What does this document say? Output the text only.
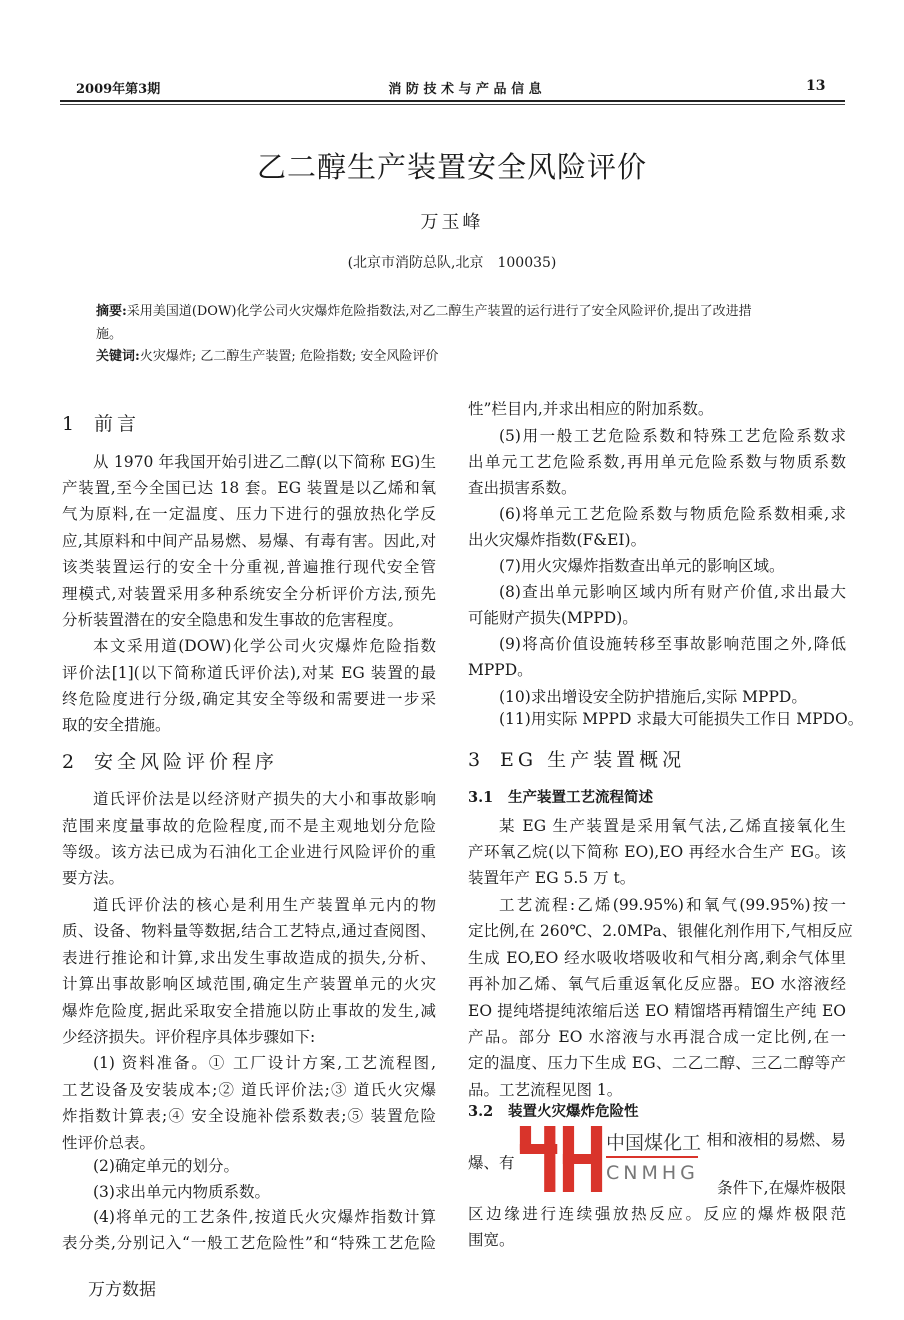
2009年第3期	消 防 技 术 与 产 品 信 息	13
乙二醇生产装置安全风险评价
万玉峰
(北京市消防总队,北京　100035)
摘要:采用美国道(DOW)化学公司火灾爆炸危险指数法,对乙二醇生产装置的运行进行了安全风险评价,提出了改进措
施。
关键词:火灾爆炸; 乙二醇生产装置; 危险指数; 安全风险评价
1 前言
从 1970 年我国开始引进乙二醇(以下简称 EG)生
产装置,至今全国已达 18 套。EG 装置是以乙烯和氧
气为原料,在一定温度、压力下进行的强放热化学反
应,其原料和中间产品易燃、易爆、有毒有害。因此,对
该类装置运行的安全十分重视,普遍推行现代安全管
理模式,对装置采用多种系统安全分析评价方法,预先
分析装置潜在的安全隐患和发生事故的危害程度。
本文采用道(DOW)化学公司火灾爆炸危险指数
评价法[1](以下简称道氏评价法),对某 EG 装置的最
终危险度进行分级,确定其安全等级和需要进一步采
取的安全措施。
2 安全风险评价程序
道氏评价法是以经济财产损失的大小和事故影响
范围来度量事故的危险程度,而不是主观地划分危险
等级。该方法已成为石油化工企业进行风险评价的重
要方法。
道氏评价法的核心是利用生产装置单元内的物
质、设备、物料量等数据,结合工艺特点,通过查阅图、
表进行推论和计算,求出发生事故造成的损失,分析、
计算出事故影响区域范围,确定生产装置单元的火灾
爆炸危险度,据此采取安全措施以防止事故的发生,减
少经济损失。评价程序具体步骤如下:
(1) 资料准备。① 工厂设计方案,工艺流程图,
工艺设备及安装成本;② 道氏评价法;③ 道氏火灾爆
炸指数计算表;④ 安全设施补偿系数表;⑤ 装置危险
性评价总表。
(2)确定单元的划分。
(3)求出单元内物质系数。
(4)将单元的工艺条件,按道氏火灾爆炸指数计算
表分类,分别记入“一般工艺危险性”和“特殊工艺危险
性”栏目内,并求出相应的附加系数。
(5)用一般工艺危险系数和特殊工艺危险系数求
出单元工艺危险系数,再用单元危险系数与物质系数
查出损害系数。
(6)将单元工艺危险系数与物质危险系数相乘,求
出火灾爆炸指数(F&EI)。
(7)用火灾爆炸指数查出单元的影响区域。
(8)查出单元影响区域内所有财产价值,求出最大
可能财产损失(MPPD)。
(9)将高价值设施转移至事故影响范围之外,降低
MPPD。
(10)求出增设安全防护措施后,实际 MPPD。
(11)用实际 MPPD 求最大可能损失工作日 MPDO。
3 EG 生产装置概况
3.1 生产装置工艺流程简述
某 EG 生产装置是采用氧气法,乙烯直接氧化生
产环氧乙烷(以下简称 EO),EO 再经水合生产 EG。该
装置年产 EG 5.5 万 t。
工艺流程:乙烯(99.95%)和氧气(99.95%)按一
定比例,在 260℃、2.0MPa、银催化剂作用下,气相反应
生成 EO,EO 经水吸收塔吸收和气相分离,剩余气体里
再补加乙烯、氧气后重返氧化反应器。EO 水溶液经
EO 提纯塔提纯浓缩后送 EO 精馏塔再精馏生产纯 EO
产品。部分 EO 水溶液与水再混合成一定比例,在一
定的温度、压力下生成 EG、二乙二醇、三乙二醇等产
品。工艺流程见图 1。
3.2 装置火灾爆炸危险性
相和液相的易燃、易
爆、有
条件下,在爆炸极限
区边缘进行连续强放热反应。反应的爆炸极限范
围宽。
中国煤化工
CNMHG
万方数据
